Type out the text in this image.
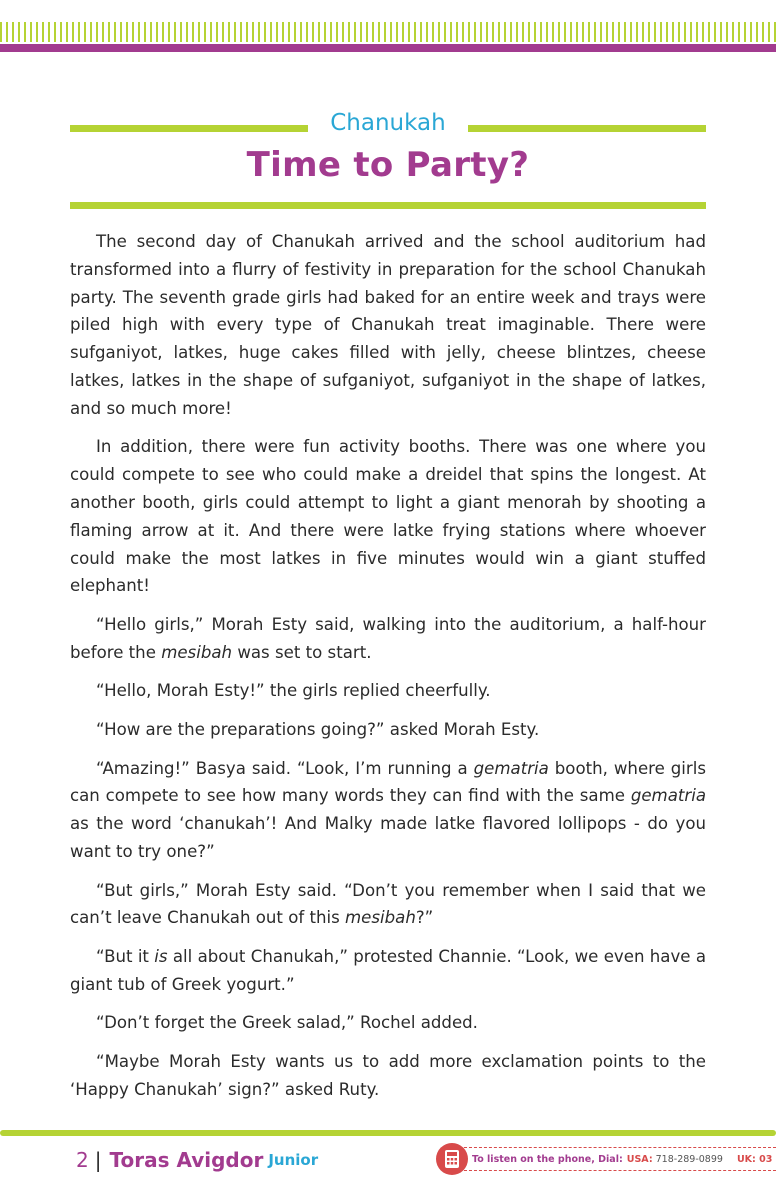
Chanukah
Time to Party?

The second day of Chanukah arrived and the school auditorium had transformed into a flurry of festivity in preparation for the school Chanukah party. The seventh grade girls had baked for an entire week and trays were piled high with every type of Chanukah treat imaginable. There were sufganiyot, latkes, huge cakes filled with jelly, cheese blintzes, cheese latkes, latkes in the shape of sufganiyot, sufganiyot in the shape of latkes, and so much more!

In addition, there were fun activity booths. There was one where you could compete to see who could make a dreidel that spins the longest. At another booth, girls could attempt to light a giant menorah by shooting a flaming arrow at it. And there were latke frying stations where whoever could make the most latkes in five minutes would win a giant stuffed elephant!

“Hello girls,” Morah Esty said, walking into the auditorium, a half-hour before the mesibah was set to start.

“Hello, Morah Esty!” the girls replied cheerfully.

“How are the preparations going?” asked Morah Esty.

“Amazing!” Basya said. “Look, I’m running a gematria booth, where girls can compete to see how many words they can find with the same gematria as the word ‘chanukah’! And Malky made latke flavored lollipops - do you want to try one?”

“But girls,” Morah Esty said. “Don’t you remember when I said that we can’t leave Chanukah out of this mesibah?”

“But it is all about Chanukah,” protested Channie. “Look, we even have a giant tub of Greek yogurt.”

“Don’t forget the Greek salad,” Rochel added.

“Maybe Morah Esty wants us to add more exclamation points to the ‘Happy Chanukah’ sign?” asked Ruty.

2 | Toras Avigdor Junior	To listen on the phone, Dial: USA: 718-289-0899 UK: 03
